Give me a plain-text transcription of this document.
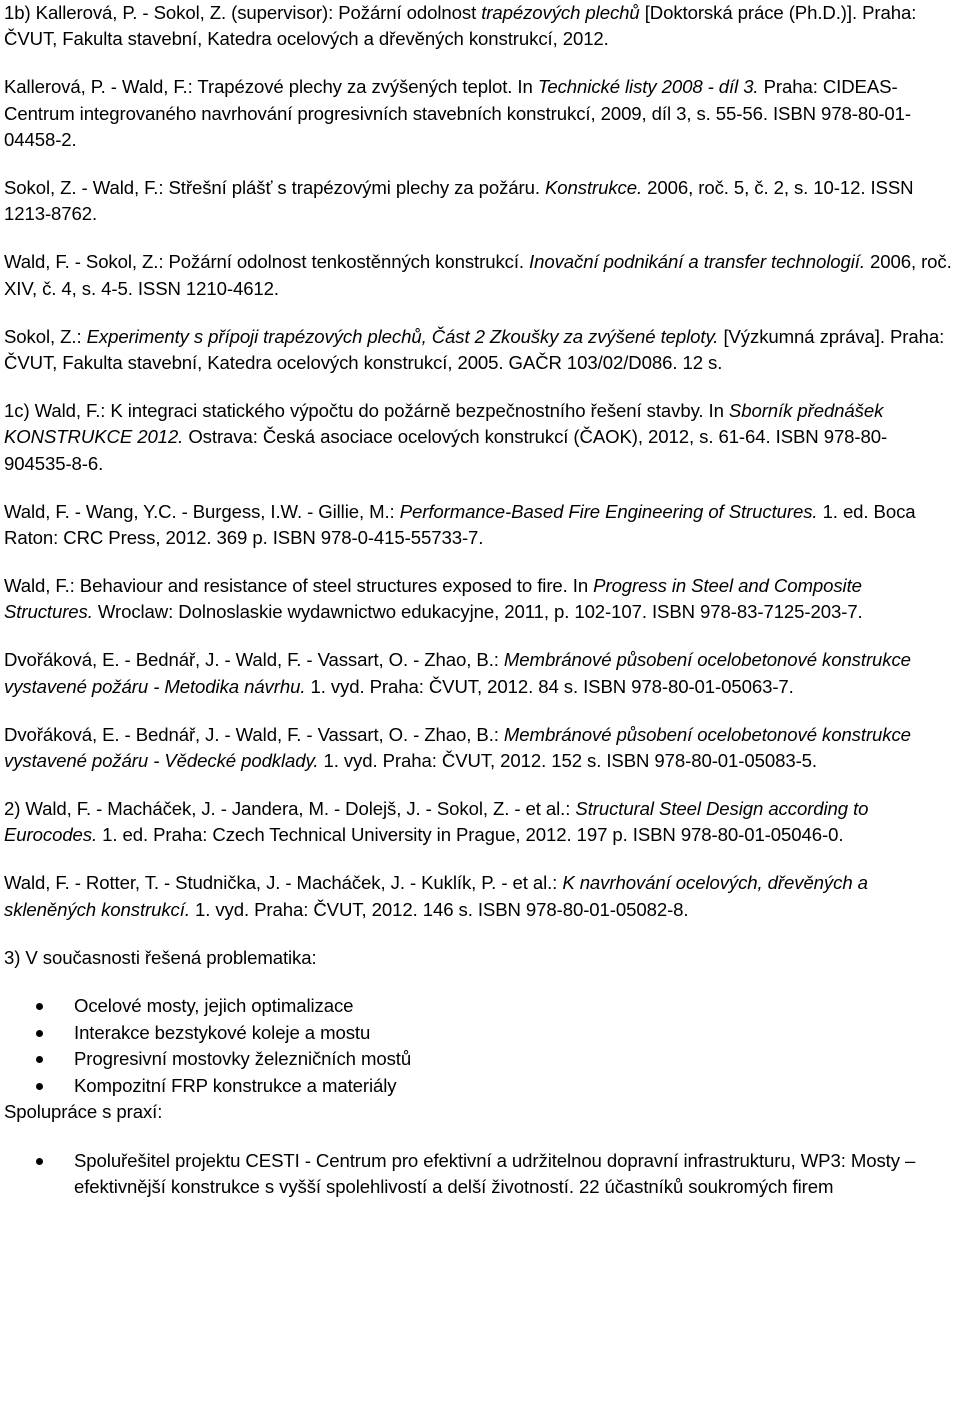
1b) Kallerová, P. - Sokol, Z. (supervisor): Požární odolnost trapézových plechů [Doktorská práce (Ph.D.)]. Praha: ČVUT, Fakulta stavební, Katedra ocelových a dřevěných konstrukcí, 2012.
Kallerová, P. - Wald, F.: Trapézové plechy za zvýšených teplot. In Technické listy 2008 - díl 3. Praha: CIDEAS-Centrum integrovaného navrhování progresivních stavebních konstrukcí, 2009, díl 3, s. 55-56. ISBN 978-80-01-04458-2.
Sokol, Z. - Wald, F.: Střešní plášť s trapézovými plechy za požáru. Konstrukce. 2006, roč. 5, č. 2, s. 10-12. ISSN 1213-8762.
Wald, F. - Sokol, Z.: Požární odolnost tenkostěnných konstrukcí. Inovační podnikání a transfer technologií. 2006, roč. XIV, č. 4, s. 4-5. ISSN 1210-4612.
Sokol, Z.: Experimenty s přípoji trapézových plechů, Část 2 Zkoušky za zvýšené teploty. [Výzkumná zpráva]. Praha: ČVUT, Fakulta stavební, Katedra ocelových konstrukcí, 2005. GAČR 103/02/D086. 12 s.
1c) Wald, F.: K integraci statického výpočtu do požárně bezpečnostního řešení stavby. In Sborník přednášek KONSTRUKCE 2012. Ostrava: Česká asociace ocelových konstrukcí (ČAOK), 2012, s. 61-64. ISBN 978-80-904535-8-6.
Wald, F. - Wang, Y.C. - Burgess, I.W. - Gillie, M.: Performance-Based Fire Engineering of Structures. 1. ed. Boca Raton: CRC Press, 2012. 369 p. ISBN 978-0-415-55733-7.
Wald, F.: Behaviour and resistance of steel structures exposed to fire. In Progress in Steel and Composite Structures. Wroclaw: Dolnoslaskie wydawnictwo edukacyjne, 2011, p. 102-107. ISBN 978-83-7125-203-7.
Dvořáková, E. - Bednář, J. - Wald, F. - Vassart, O. - Zhao, B.: Membránové působení ocelobetonové konstrukce vystavené požáru - Metodika návrhu. 1. vyd. Praha: ČVUT, 2012. 84 s. ISBN 978-80-01-05063-7.
Dvořáková, E. - Bednář, J. - Wald, F. - Vassart, O. - Zhao, B.: Membránové působení ocelobetonové konstrukce vystavené požáru - Vědecké podklady. 1. vyd. Praha: ČVUT, 2012. 152 s. ISBN 978-80-01-05083-5.
2) Wald, F. - Macháček, J. - Jandera, M. - Dolejš, J. - Sokol, Z. - et al.: Structural Steel Design according to Eurocodes. 1. ed. Praha: Czech Technical University in Prague, 2012. 197 p. ISBN 978-80-01-05046-0.
Wald, F. - Rotter, T. - Studnička, J. - Macháček, J. - Kuklík, P. - et al.: K navrhování ocelových, dřevěných a skleněných konstrukcí. 1. vyd. Praha: ČVUT, 2012. 146 s. ISBN 978-80-01-05082-8.
3) V současnosti řešená problematika:
Ocelové mosty, jejich optimalizace
Interakce bezstykové koleje a mostu
Progresivní mostovky železničních mostů
Kompozitní FRP konstrukce a materiály
Spolupráce s praxí:
Spoluřešitel projektu CESTI - Centrum pro efektivní a udržitelnou dopravní infrastrukturu, WP3: Mosty – efektivnější konstrukce s vyšší spolehlivostí a delší životností. 22 účastníků soukromých firem
